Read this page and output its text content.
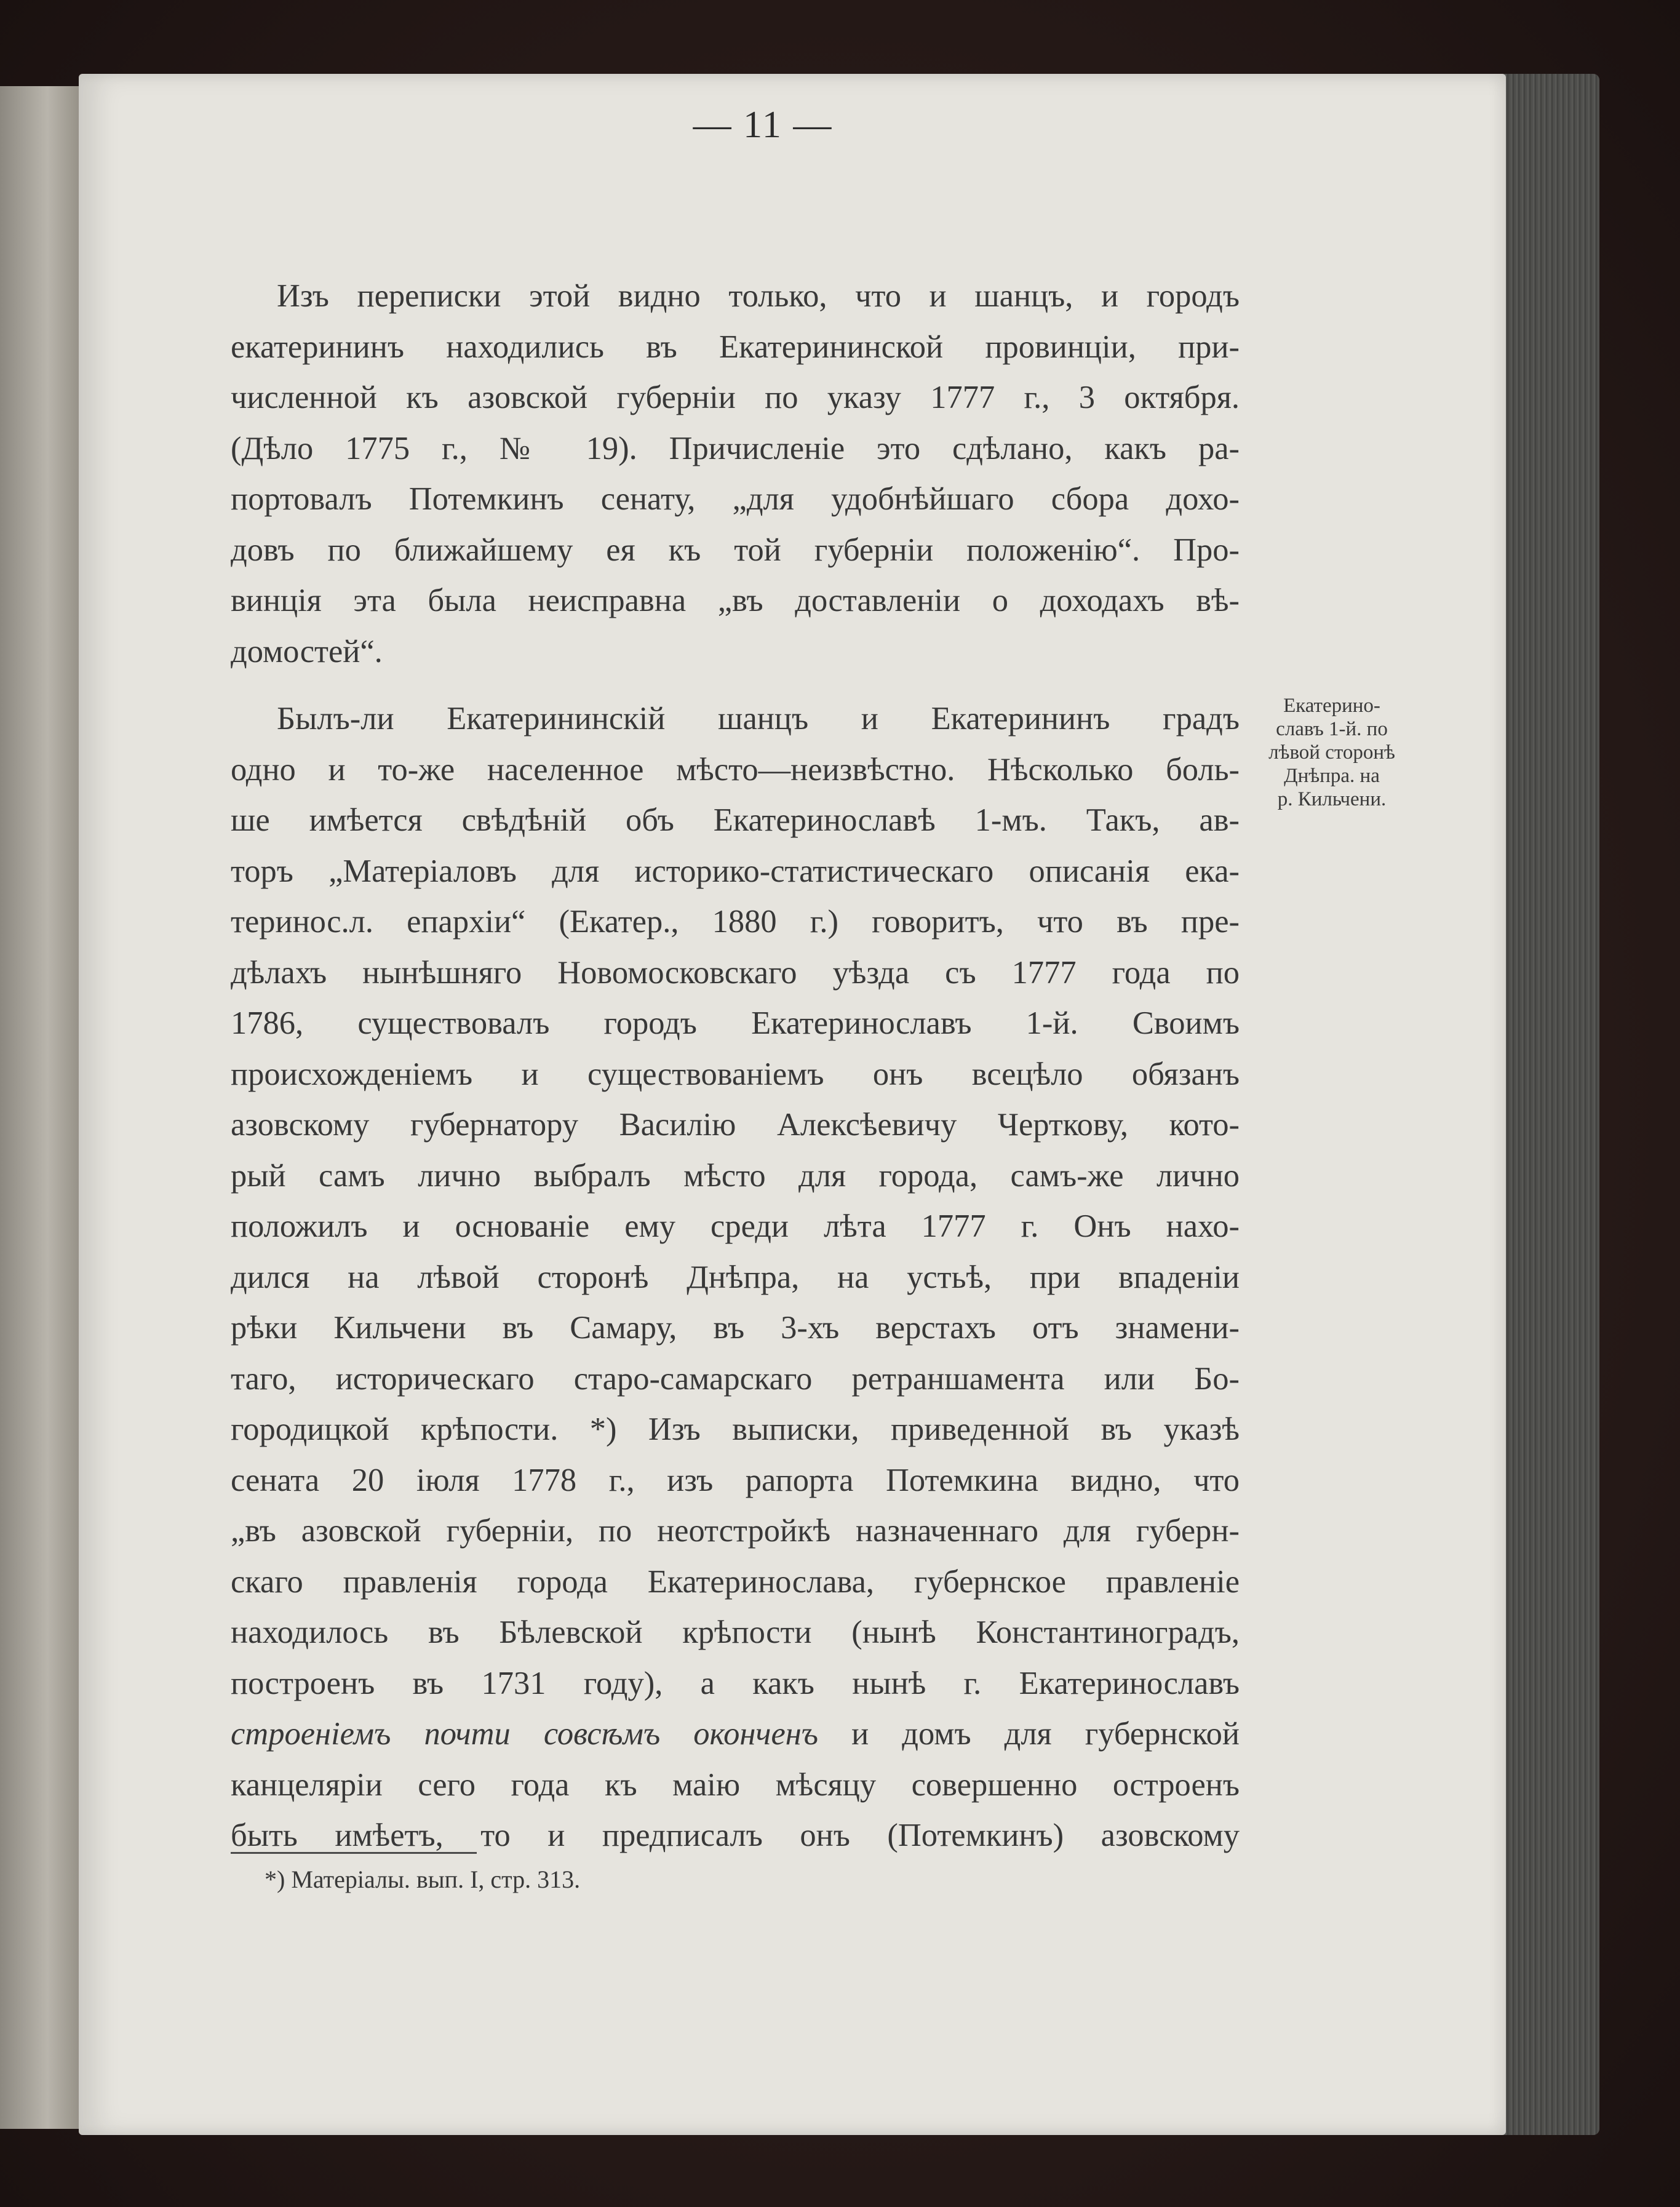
— 11 —
Изъ переписки этой видно только, что и шанцъ, и городъ
екатерининъ находились въ Екатерининской провинціи, при-
численной къ азовской губерніи по указу 1777 г., 3 октября.
(Дѣло 1775 г., № 19). Причисленіе это сдѣлано, какъ ра-
портовалъ Потемкинъ сенату, „для удобнѣйшаго сбора дохо-
довъ по ближайшему ея къ той губерніи положенію“. Про-
винція эта была неисправна „въ доставленіи о доходахъ вѣ-
домостей“.
Былъ-ли Екатерининскій шанцъ и Екатерининъ градъ
одно и то-же населенное мѣсто—неизвѣстно. Нѣсколько боль-
ше имѣется свѣдѣній объ Екатеринославѣ 1-мъ. Такъ, ав-
торъ „Матеріаловъ для историко-статистическаго описанія ека-
теринос.л. епархіи“ (Екатер., 1880 г.) говоритъ, что въ пре-
дѣлахъ нынѣшняго Новомосковскаго уѣзда съ 1777 года по
1786, существовалъ городъ Екатеринославъ 1-й. Своимъ
происхожденіемъ и существованіемъ онъ всецѣло обязанъ
азовскому губернатору Василію Алексѣевичу Черткову, кото-
рый самъ лично выбралъ мѣсто для города, самъ-же лично
положилъ и основаніе ему среди лѣта 1777 г. Онъ нахо-
дился на лѣвой сторонѣ Днѣпра, на устьѣ, при впаденіи
рѣки Кильчени въ Самару, въ 3-хъ верстахъ отъ знамени-
таго, историческаго старо-самарскаго ретраншамента или Бо-
городицкой крѣпости. *) Изъ выписки, приведенной въ указѣ
сената 20 іюля 1778 г., изъ рапорта Потемкина видно, что
„въ азовской губерніи, по неотстройкѣ назначеннаго для губерн-
скаго правленія города Екатеринослава, губернское правленіе
находилось въ Бѣлевской крѣпости (нынѣ Константиноградъ,
построенъ въ 1731 году), а какъ нынѣ г. Екатеринославъ
строеніемъ почти совсѣмъ оконченъ и домъ для губернской
канцеляріи сего года къ маію мѣсяцу совершенно остроенъ
быть имѣетъ, то и предписалъ онъ (Потемкинъ) азовскому
Екатерино-
славъ 1-й. по
лѣвой сторонѣ
Днѣпра. на
р. Кильчени.
*) Матеріалы. вып. I, стр. 313.
